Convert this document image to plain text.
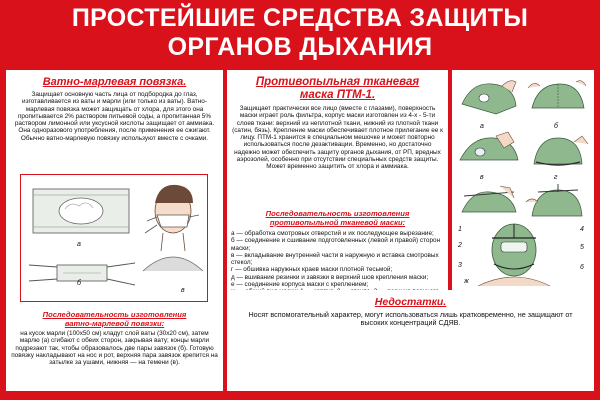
ПРОСТЕЙШИЕ СРЕДСТВА ЗАЩИТЫ
ОРГАНОВ ДЫХАНИЯ
Ватно-марлевая повязка.
Защищает основную часть лица от подбородка до глаз, изготавливается из ваты и марли (или только из ваты). Ватно-марлевая повязка может защищать от хлора, для этого она пропитывается 2% раствором питьевой соды, а пропитанная 5% раствором лимонной или уксусной кислоты защищает от аммиака. Она одноразового употребления, после применения ее сжигают. Обычно ватно-марлевую повязку используют вместе с очками.
а
б
в
Последовательность изготовления
ватно-марлевой повязки:
на кусок марли (100х50 см) кладут слой ваты (30х20 см), затем марлю (а) сгибают с обеих сторон, закрывая вату; концы марли подрезают так, чтобы образовалось две пары завязок (б). Готовую повязку накладывают на нос и рот, верхняя пара завязок крепится на затылке за ушами, нижняя — на темени (в).
Противопыльная тканевая
маска ПТМ-1.
Защищает практически все лицо (вместе с глазами), поверхность маски играет роль фильтра, корпус маски изготовлен из 4-х - 5-ти слоев ткани: верхний из неплотной ткани, нижний из плотной ткани (сатин, бязь). Крепление маски обеспечивает плотное прилегание ее к лицу. ПТМ-1 хранится в специальном мешочке и может повторно использоваться после дезактивации. Временно, но достаточно надежно может обеспечить защиту органов дыхания, от РП, вредных аэрозолей, особенно при отсутствии специальных средств защиты. Может временно защитить от хлора и аммиака.
Последовательность изготовления
противопыльной тканевой маски:
а — обработка смотровых отверстий и их последующее вырезание;
б — соединение и сшивание подготовленных (левой и правой) сторон маски;
в — вкладывание внутренней части в наружную и вставка смотровых стекол;
г — обшивка наружных краев маски плотной тесьмой;
д — вшивание резинки и завязки в верхний шов крепления маски;
е — соединение корпуса маски с креплением;
Недостатки.
Носят вспомогательный характер, могут использоваться лишь кратковременно, не защищают от высоких концентраций СДЯВ.
а	б
в	г
1
2
3
4
5
6
ж
